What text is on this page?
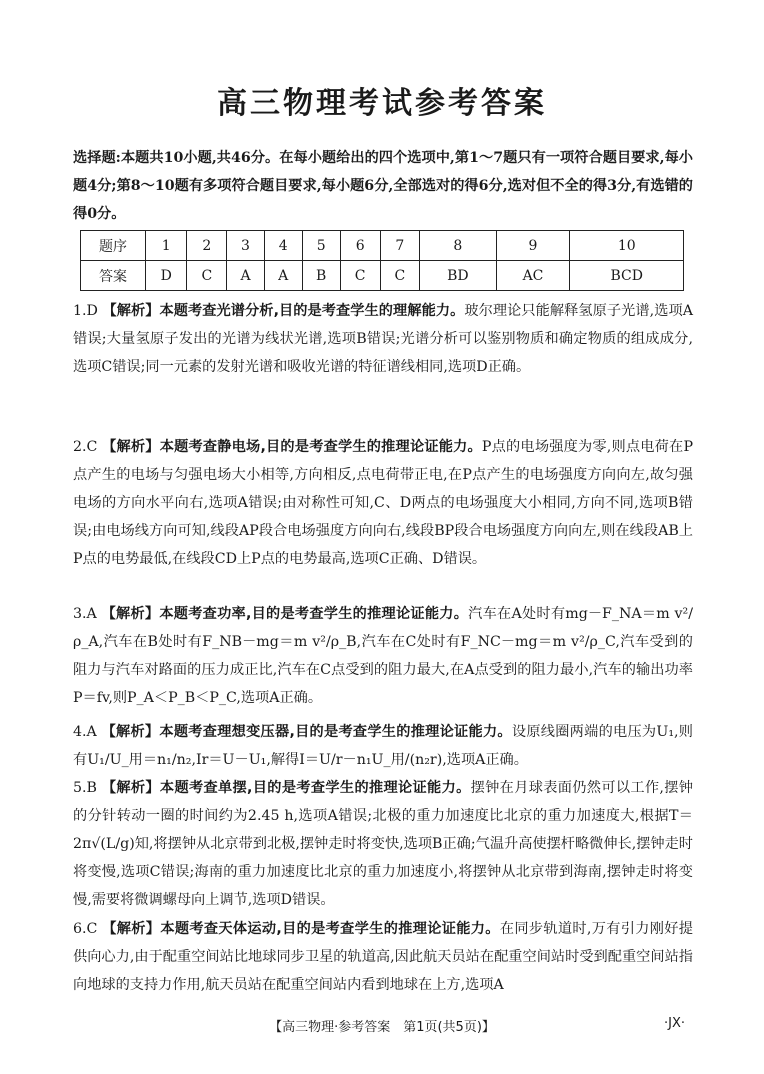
高三物理考试参考答案

选择题:本题共10小题,共46分。在每小题给出的四个选项中,第1～7题只有一项符合题目要求,每小题4分;第8～10题有多项符合题目要求,每小题6分,全部选对的得6分,选对但不全的得3分,有选错的得0分。

题序	1	2	3	4	5	6	7	8	9	10
答案	D	C	A	A	B	C	C	BD	AC	BCD

1.D 【解析】本题考查光谱分析,目的是考查学生的理解能力。玻尔理论只能解释氢原子光谱,选项A错误;大量氢原子发出的光谱为线状光谱,选项B错误;光谱分析可以鉴别物质和确定物质的组成成分,选项C错误;同一元素的发射光谱和吸收光谱的特征谱线相同,选项D正确。

2.C 【解析】本题考查静电场,目的是考查学生的推理论证能力。P点的电场强度为零,则点电荷在P点产生的电场与匀强电场大小相等,方向相反,点电荷带正电,在P点产生的电场强度方向向左,故匀强电场的方向水平向右,选项A错误;由对称性可知,C、D两点的电场强度大小相同,方向不同,选项B错误;由电场线方向可知,线段AP段合电场强度方向向右,线段BP段合电场强度方向向左,则在线段AB上P点的电势最低,在线段CD上P点的电势最高,选项C正确、D错误。

3.A 【解析】本题考查功率,目的是考查学生的推理论证能力。汽车在A处时有mg－F_NA＝m v²/ρ_A,汽车在B处时有F_NB－mg＝m v²/ρ_B,汽车在C处时有F_NC－mg＝m v²/ρ_C,汽车受到的阻力与汽车对路面的压力成正比,汽车在C点受到的阻力最大,在A点受到的阻力最小,汽车的输出功率P＝fv,则P_A＜P_B＜P_C,选项A正确。

4.A 【解析】本题考查理想变压器,目的是考查学生的推理论证能力。设原线圈两端的电压为U₁,则有U₁/U_用＝n₁/n₂,Ir＝U－U₁,解得I＝U/r－n₁U_用/(n₂r),选项A正确。

5.B 【解析】本题考查单摆,目的是考查学生的推理论证能力。摆钟在月球表面仍然可以工作,摆钟的分针转动一圈的时间约为2.45 h,选项A错误;北极的重力加速度比北京的重力加速度大,根据T＝2π√(L/g)知,将摆钟从北京带到北极,摆钟走时将变快,选项B正确;气温升高使摆杆略微伸长,摆钟走时将变慢,选项C错误;海南的重力加速度比北京的重力加速度小,将摆钟从北京带到海南,摆钟走时将变慢,需要将微调螺母向上调节,选项D错误。

6.C 【解析】本题考查天体运动,目的是考查学生的推理论证能力。在同步轨道时,万有引力刚好提供向心力,由于配重空间站比地球同步卫星的轨道高,因此航天员站在配重空间站时受到配重空间站指向地球的支持力作用,航天员站在配重空间站内看到地球在上方,选项A

【高三物理·参考答案　第1页(共5页)】	·JX·
